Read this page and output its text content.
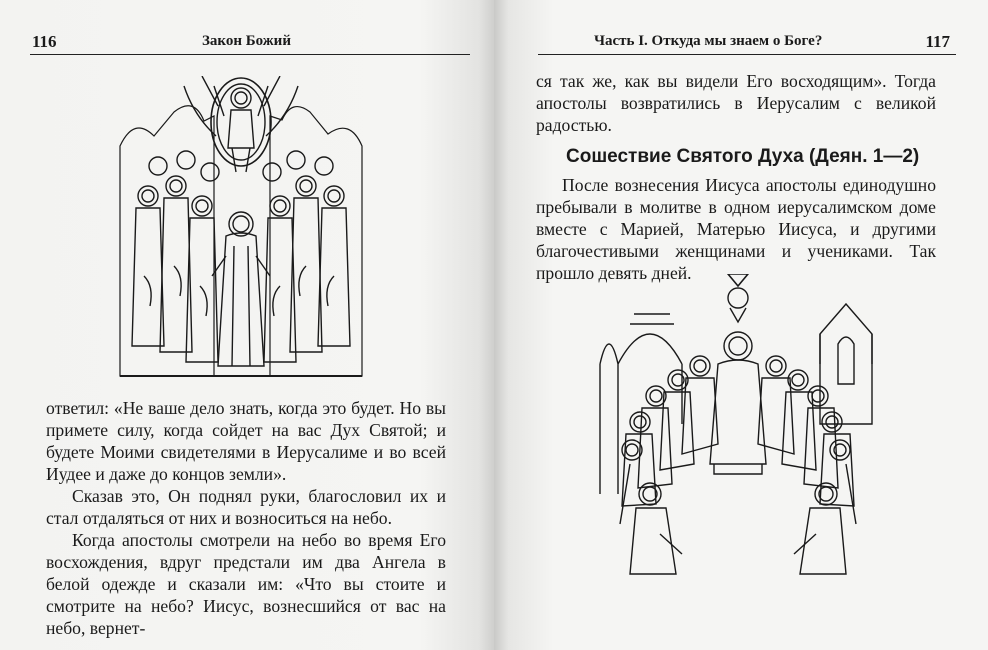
116	Закон Божий

ответил: «Не ваше дело знать, когда это будет. Но вы примете силу, когда сойдет на вас Дух Святой; и будете Моими свидетелями в Иерусалиме и во всей Иудее и даже до концов земли».

Сказав это, Он поднял руки, благословил их и стал отдаляться от них и возноситься на небо.

Когда апостолы смотрели на небо во время Его восхождения, вдруг предстали им два Ангела в белой одежде и сказали им: «Что вы стоите и смотрите на небо? Иисус, вознесшийся от вас на небо, вернет-

Часть I. Откуда мы знаем о Боге?	117

ся так же, как вы видели Его восходящим». Тогда апостолы возвратились в Иерусалим с великой радостью.

Сошествие Святого Духа (Деян. 1—2)

После вознесения Иисуса апостолы единодушно пребывали в молитве в одном иерусалимском доме вместе с Марией, Матерью Иисуса, и другими благочестивыми женщинами и учениками. Так прошло девять дней.
